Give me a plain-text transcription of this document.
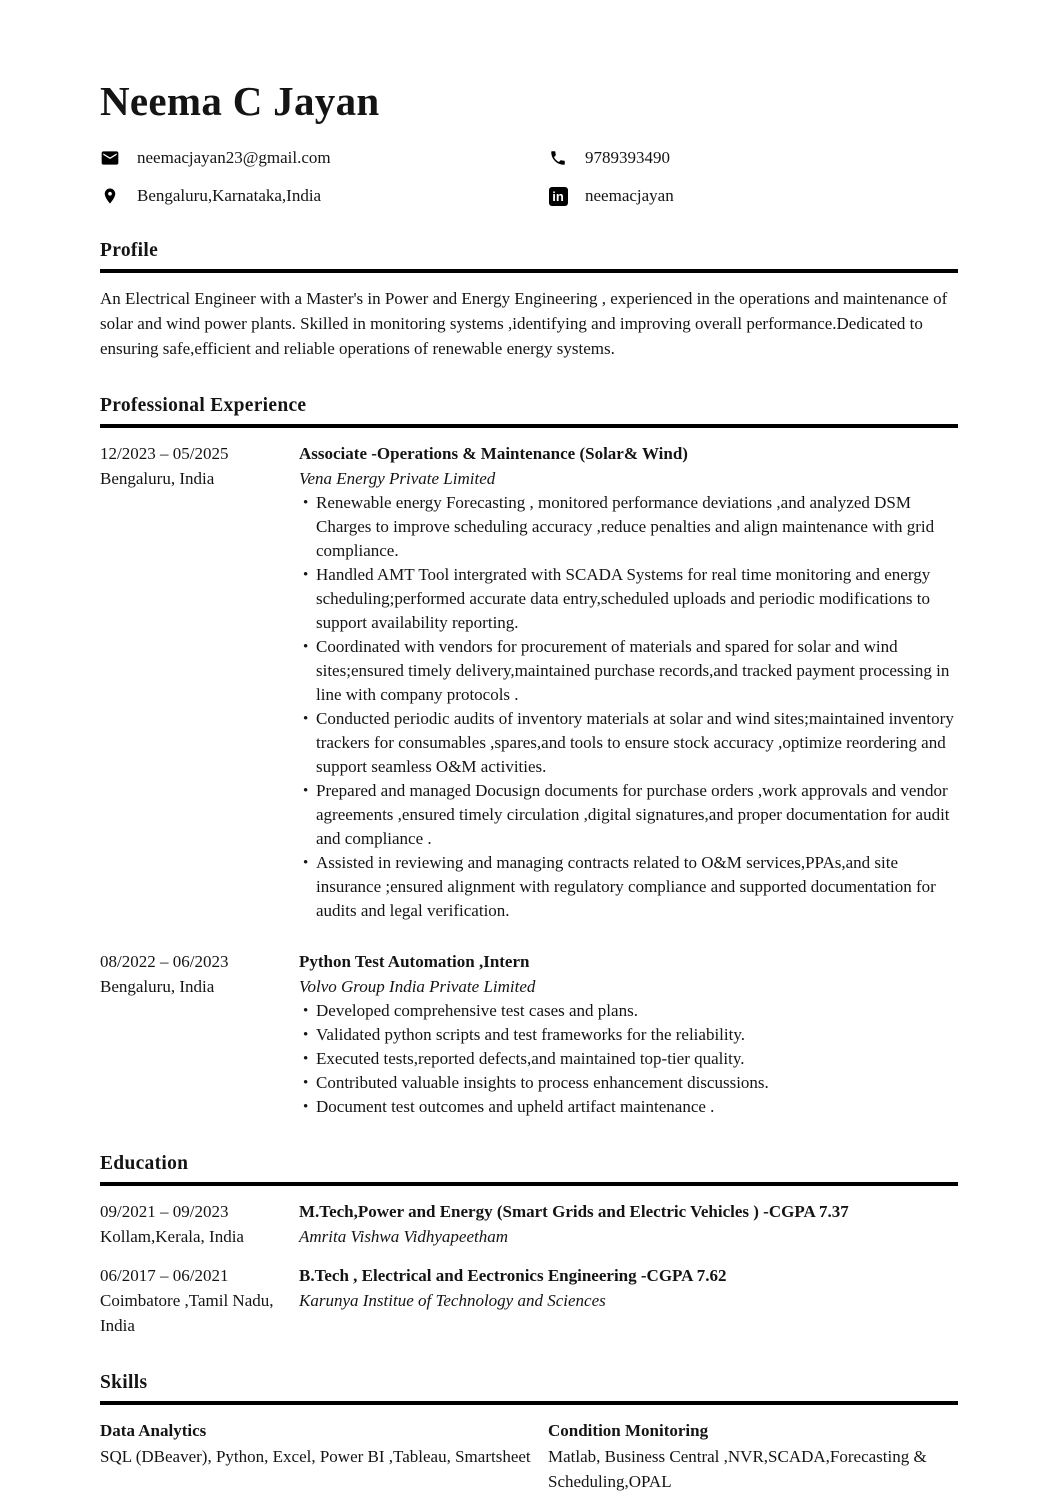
Neema C Jayan
neemacjayan23@gmail.com	9789393490
Bengaluru,Karnataka,India	in neemacjayan
Profile

An Electrical Engineer with a Master's in Power and Energy Engineering , experienced in the operations and maintenance of solar and wind power plants. Skilled in monitoring systems ,identifying and improving overall performance.Dedicated to ensuring safe,efficient and reliable operations of renewable energy systems.

Professional Experience
12/2023 – 05/2025
Bengaluru, India
Associate -Operations & Maintenance (Solar& Wind)
Vena Energy Private Limited
• Renewable energy Forecasting , monitored performance deviations ,and analyzed DSM Charges to improve scheduling accuracy ,reduce penalties and align maintenance with grid compliance.
• Handled AMT Tool intergrated with SCADA Systems for real time monitoring and energy scheduling;performed accurate data entry,scheduled uploads and periodic modifications to support availability reporting.
• Coordinated with vendors for procurement of materials and spared for solar and wind sites;ensured timely delivery,maintained purchase records,and tracked payment processing in line with company protocols .
• Conducted periodic audits of inventory materials at solar and wind sites;maintained inventory trackers for consumables ,spares,and tools to ensure stock accuracy ,optimize reordering and support seamless O&M activities.
• Prepared and managed Docusign documents for purchase orders ,work approvals and vendor agreements ,ensured timely circulation ,digital signatures,and proper documentation for audit and compliance .
• Assisted in reviewing and managing contracts related to O&M services,PPAs,and site insurance ;ensured alignment with regulatory compliance and supported documentation for audits and legal verification.
08/2022 – 06/2023
Bengaluru, India
Python Test Automation ,Intern
Volvo Group India Private Limited
• Developed comprehensive test cases and plans.
• Validated python scripts and test frameworks for the reliability.
• Executed tests,reported defects,and maintained top-tier quality.
• Contributed valuable insights to process enhancement discussions.
• Document test outcomes and upheld artifact maintenance .
Education
09/2021 – 09/2023
Kollam,Kerala, India
M.Tech,Power and Energy (Smart Grids and Electric Vehicles ) -CGPA 7.37
Amrita Vishwa Vidhyapeetham
06/2017 – 06/2021
Coimbatore ,Tamil Nadu, India
B.Tech , Electrical and Eectronics Engineering -CGPA 7.62
Karunya Institue of Technology and Sciences
Skills
Data Analytics
SQL (DBeaver), Python, Excel, Power BI ,Tableau, Smartsheet
Condition Monitoring
Matlab, Business Central ,NVR,SCADA,Forecasting & Scheduling,OPAL
